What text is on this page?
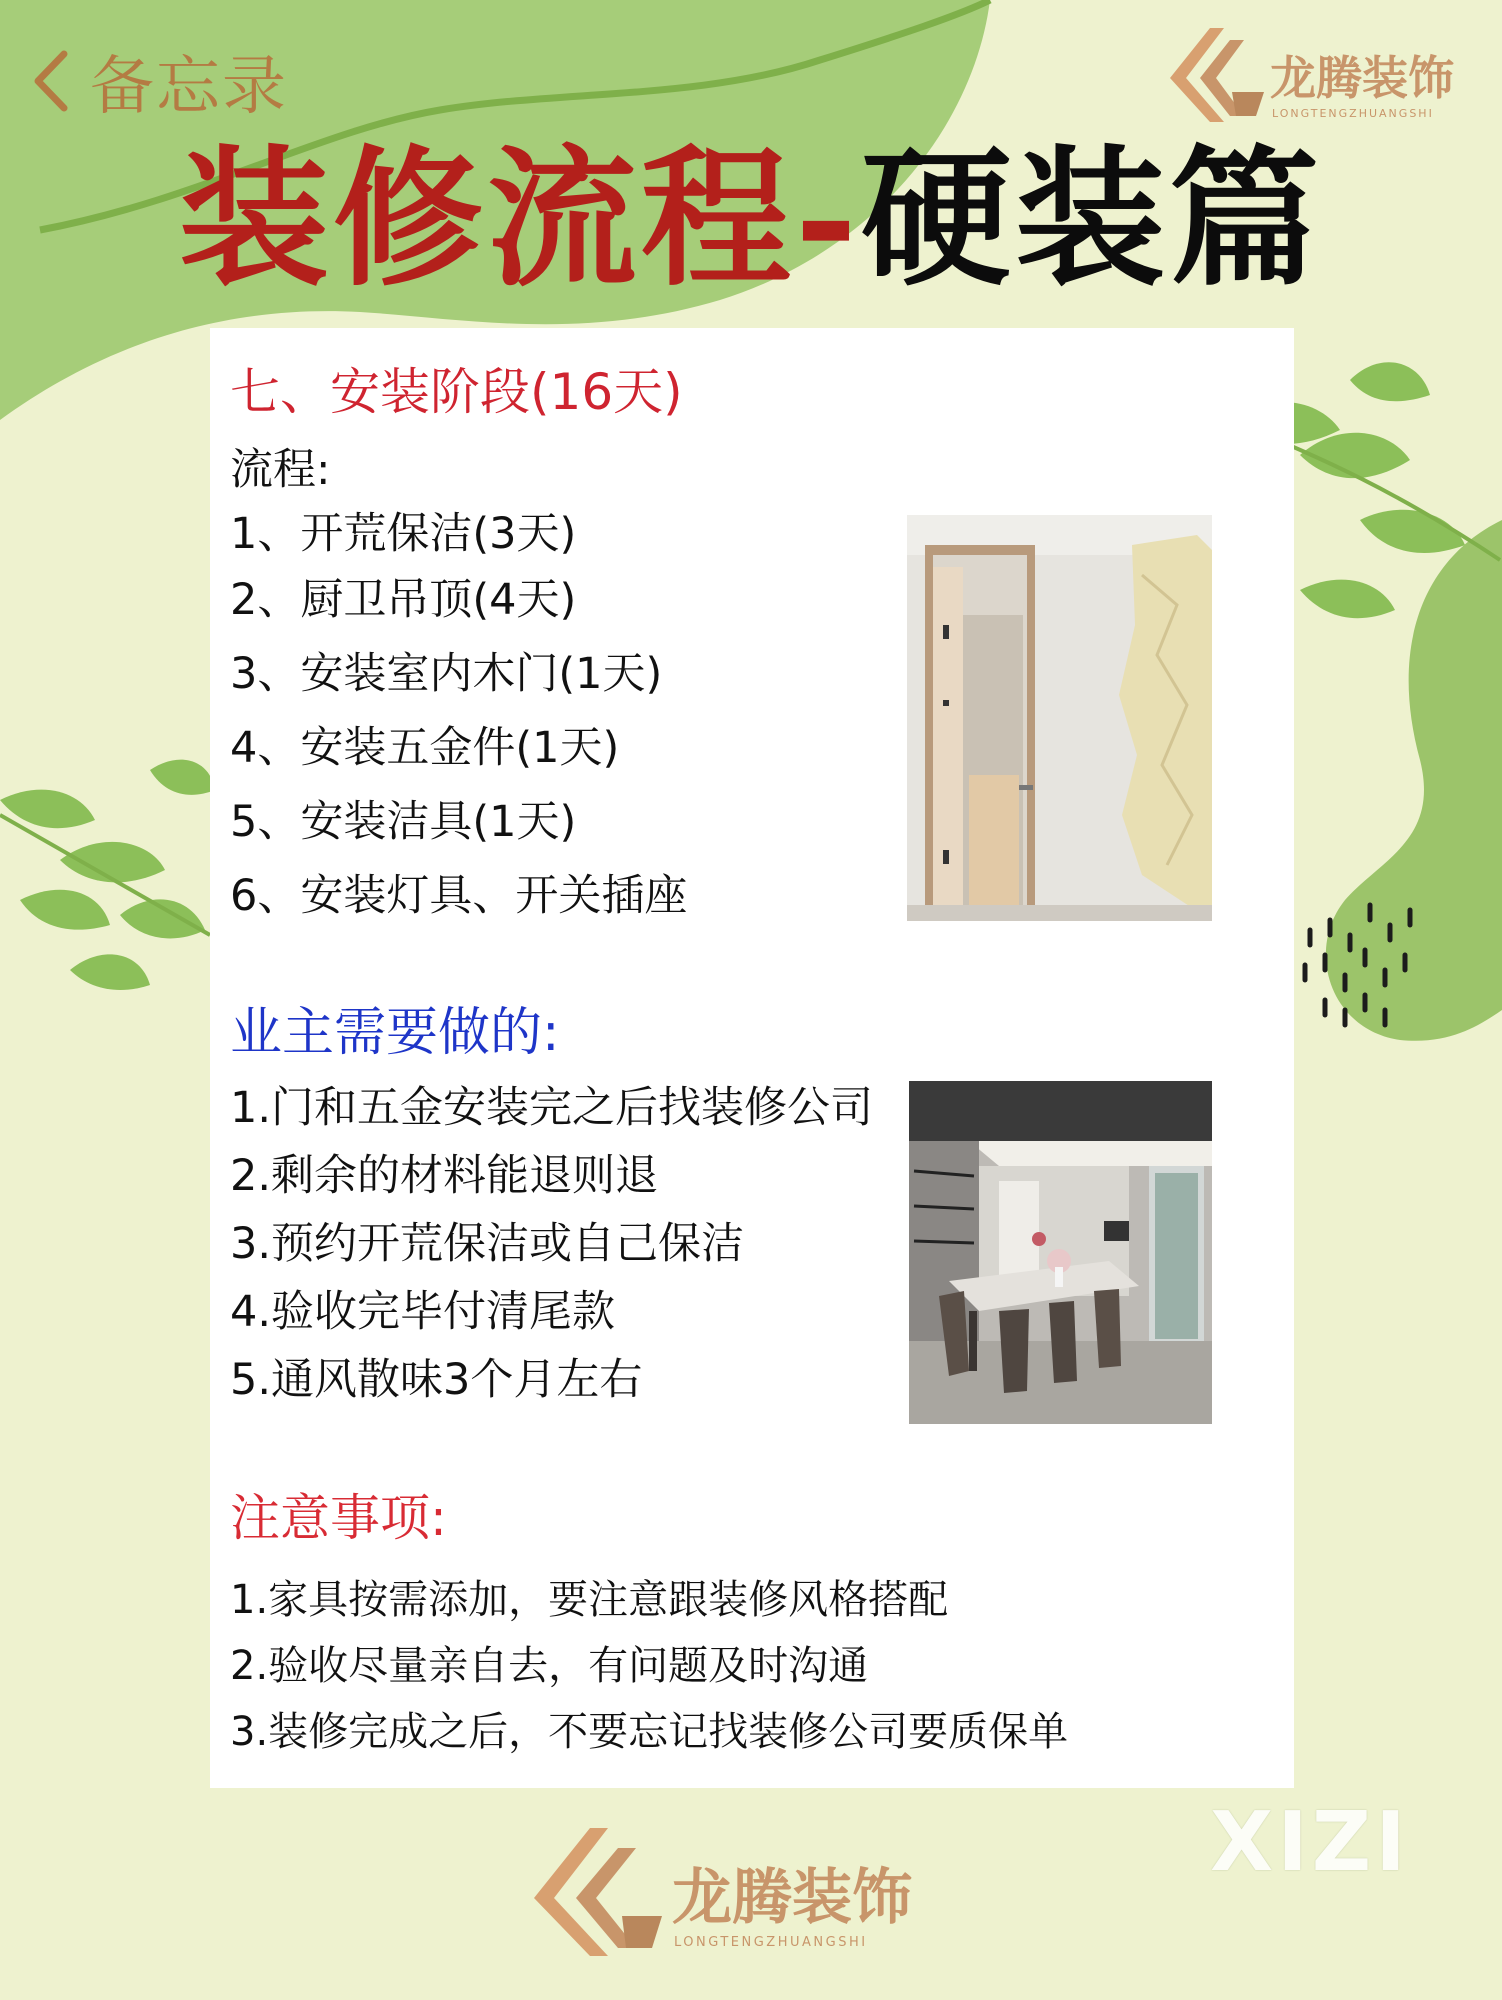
备忘录	龙腾装饰
LONGTENGZHUANGSHI
装修流程-硬装篇
七、安装阶段(16天)
流程:
1、开荒保洁(3天)
2、厨卫吊顶(4天)
3、安装室内木门(1天)
4、安装五金件(1天)
5、安装洁具(1天)
6、安装灯具、开关插座
业主需要做的:
1.门和五金安装完之后找装修公司
2.剩余的材料能退则退
3.预约开荒保洁或自己保洁
4.验收完毕付清尾款
5.通风散味3个月左右
注意事项:
1.家具按需添加，要注意跟装修风格搭配
2.验收尽量亲自去，有问题及时沟通
3.装修完成之后，不要忘记找装修公司要质保单
XIZI
龙腾装饰
LONGTENGZHUANGSHI
